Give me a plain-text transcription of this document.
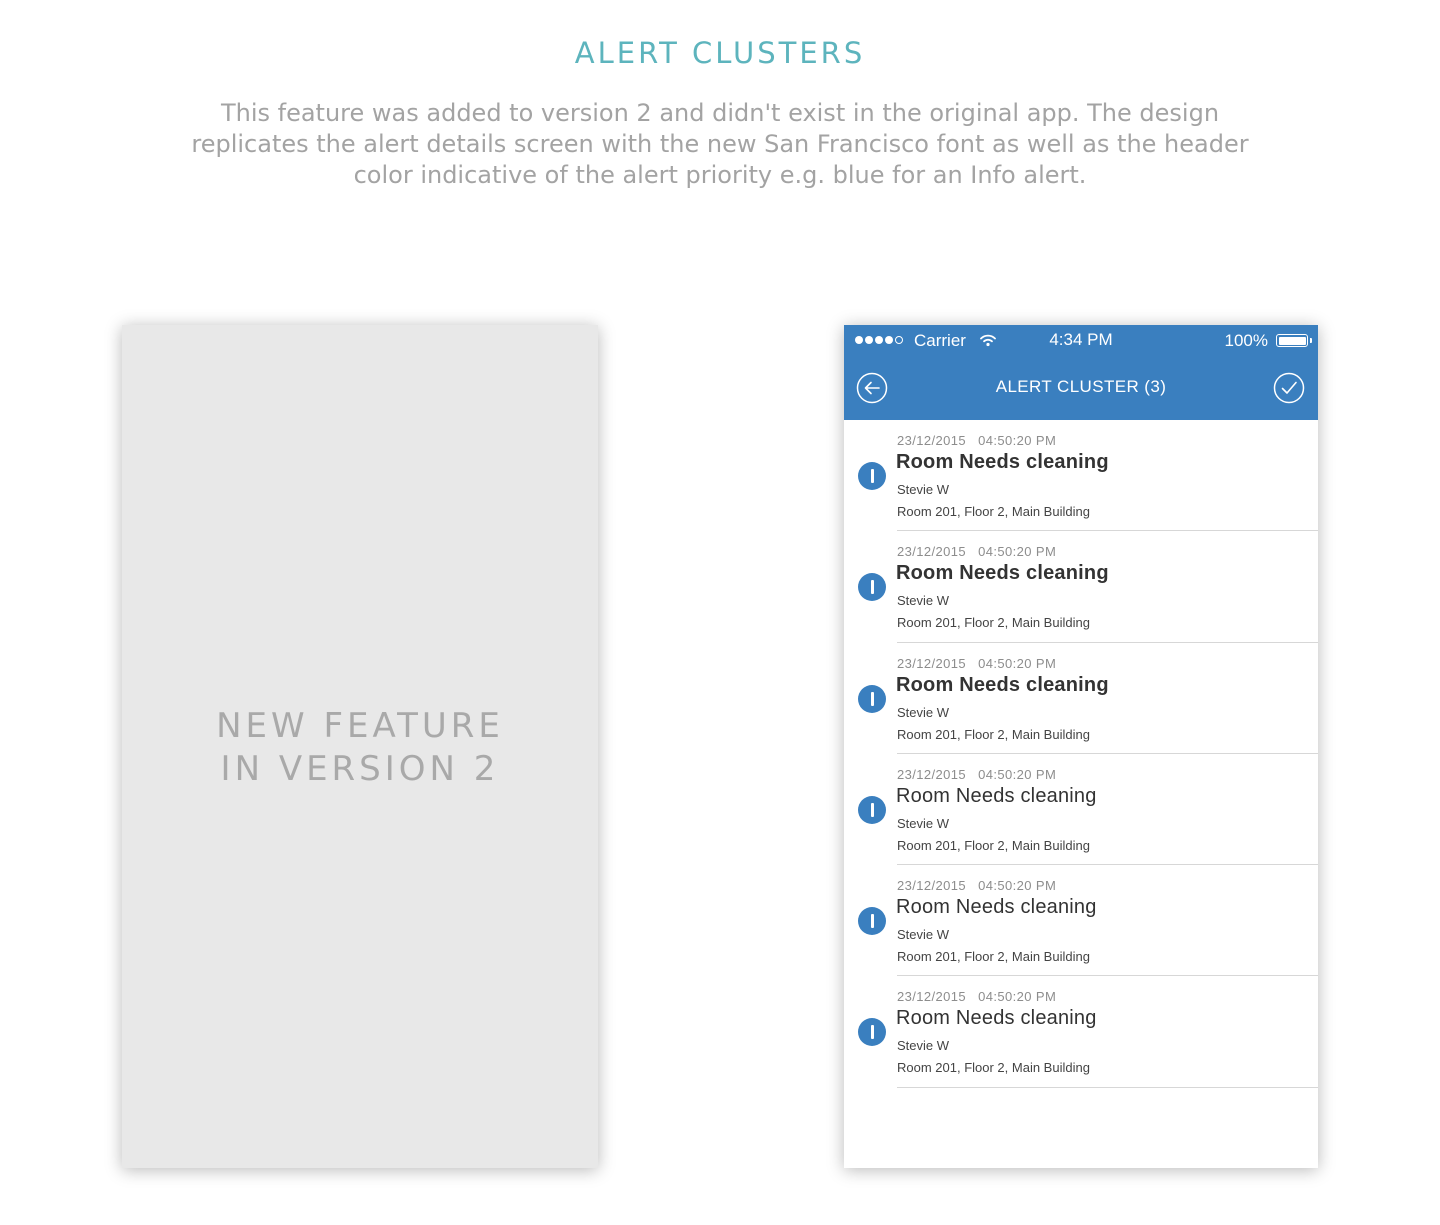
ALERT CLUSTERS
This feature was added to version 2 and didn't exist in the original app. The design replicates the alert details screen with the new San Francisco font as well as the header color indicative of the alert priority e.g. blue for an Info alert.
NEW FEATURE
IN VERSION 2
Carrier	4:34 PM	100%
ALERT CLUSTER (3)
23/12/2015   04:50:20 PM
Room Needs cleaning
Stevie W
Room 201, Floor 2, Main Building
23/12/2015   04:50:20 PM
Room Needs cleaning
Stevie W
Room 201, Floor 2, Main Building
23/12/2015   04:50:20 PM
Room Needs cleaning
Stevie W
Room 201, Floor 2, Main Building
23/12/2015   04:50:20 PM
Room Needs cleaning
Stevie W
Room 201, Floor 2, Main Building
23/12/2015   04:50:20 PM
Room Needs cleaning
Stevie W
Room 201, Floor 2, Main Building
23/12/2015   04:50:20 PM
Room Needs cleaning
Stevie W
Room 201, Floor 2, Main Building
